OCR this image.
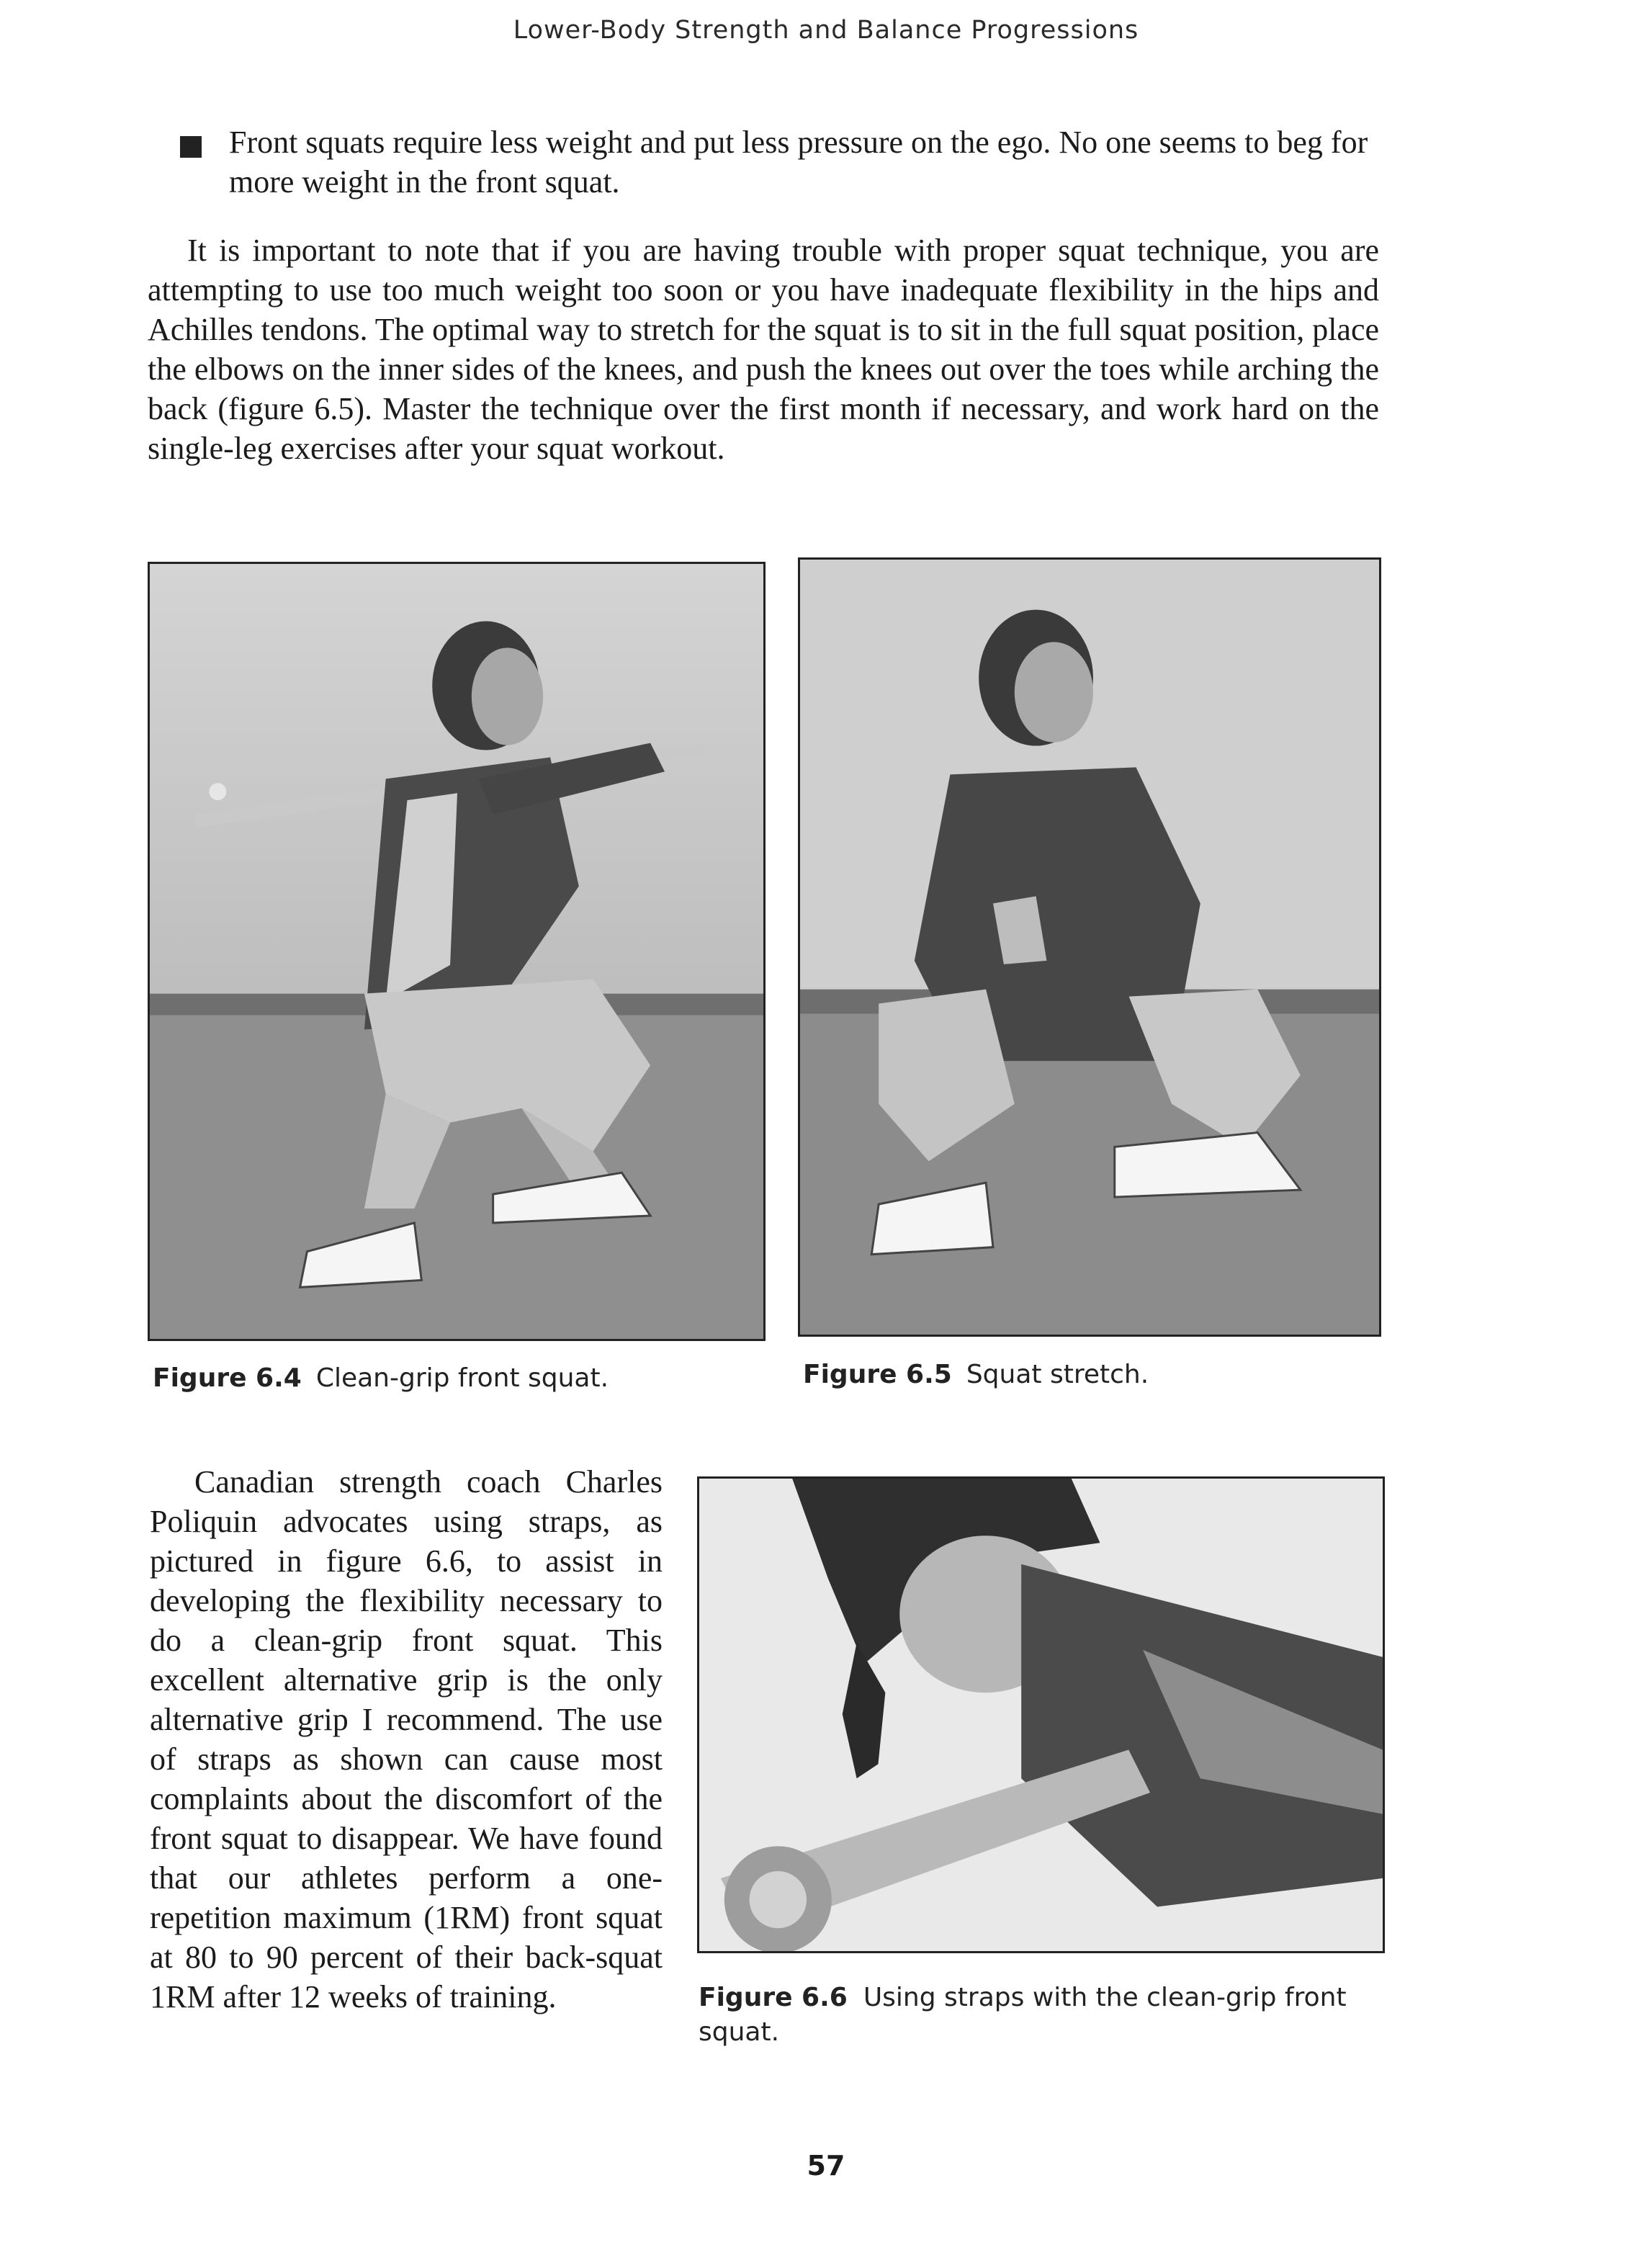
Lower-Body Strength and Balance Progressions
Front squats require less weight and put less pressure on the ego. No one seems to beg for more weight in the front squat.
It is important to note that if you are having trouble with proper squat technique, you are attempting to use too much weight too soon or you have inadequate flexibility in the hips and Achilles tendons. The optimal way to stretch for the squat is to sit in the full squat position, place the elbows on the inner sides of the knees, and push the knees out over the toes while arching the back (figure 6.5). Master the technique over the first month if necessary, and work hard on the single-leg exercises after your squat workout.
Figure 6.4 Clean-grip front squat.	Figure 6.5 Squat stretch.
Canadian strength coach Charles Poliquin advocates using straps, as pictured in figure 6.6, to assist in developing the flexibility necessary to do a clean-grip front squat. This excellent alternative grip is the only alternative grip I recommend. The use of straps as shown can cause most complaints about the discomfort of the front squat to disappear. We have found that our athletes perform a one-repetition maximum (1RM) front squat at 80 to 90 percent of their back-squat 1RM after 12 weeks of training.	Figure 6.6 Using straps with the clean-grip front squat.
57
